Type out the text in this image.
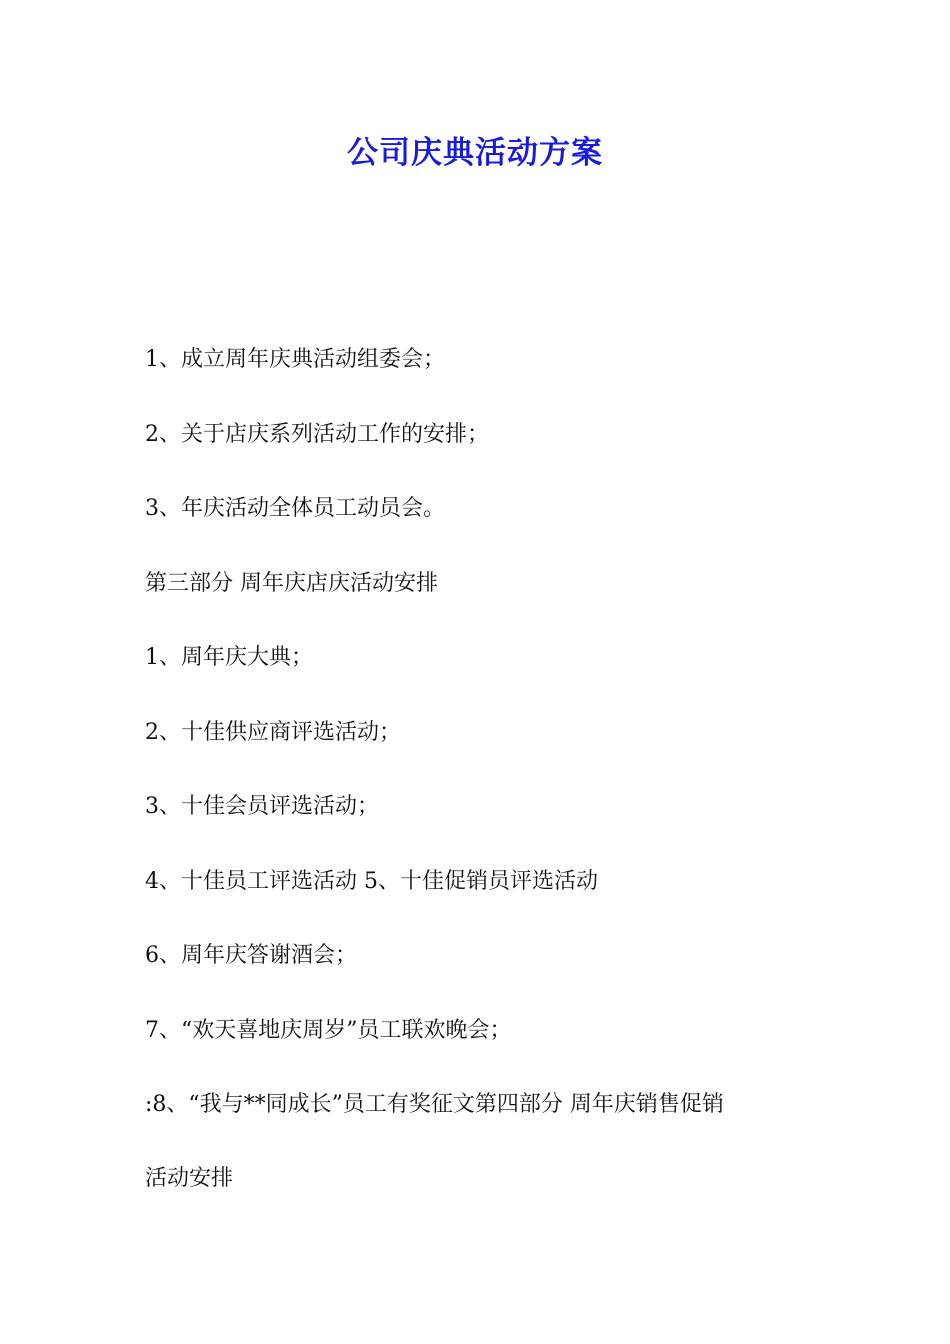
公司庆典活动方案

1、成立周年庆典活动组委会；

2、关于店庆系列活动工作的安排；

3、年庆活动全体员工动员会。

第三部分 周年庆店庆活动安排

1、周年庆大典；

2、十佳供应商评选活动；

3、十佳会员评选活动；

4、十佳员工评选活动 5、十佳促销员评选活动

6、周年庆答谢酒会；

7、“欢天喜地庆周岁”员工联欢晚会；

:8、“我与**同成长”员工有奖征文第四部分 周年庆销售促销

活动安排
